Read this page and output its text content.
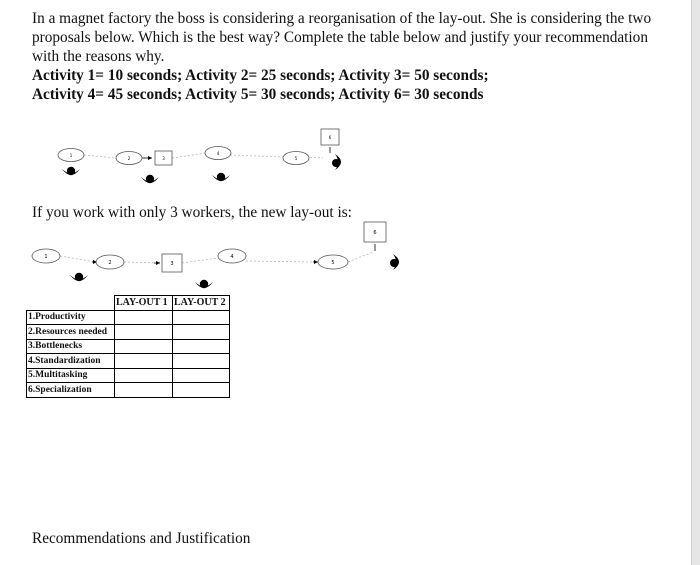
In a magnet factory the boss is considering a reorganisation of the lay-out. She is considering the two proposals below. Which is the best way? Complete the table below and justify your recommendation with the reasons why.

Activity 1= 10 seconds; Activity 2= 25 seconds; Activity 3= 50 seconds;

Activity 4= 45 seconds; Activity 5= 30 seconds; Activity 6= 30 seconds

1
2	3
4
5
6
1
2	3
4
5
6

If you work with only 3 workers, the new lay-out is:

	LAY-OUT 1	LAY-OUT 2
1.Productivity		
2.Resources needed		
3.Bottlenecks		
4.Standardization		
5.Multitasking		
6.Specialization		

Recommendations and Justification
